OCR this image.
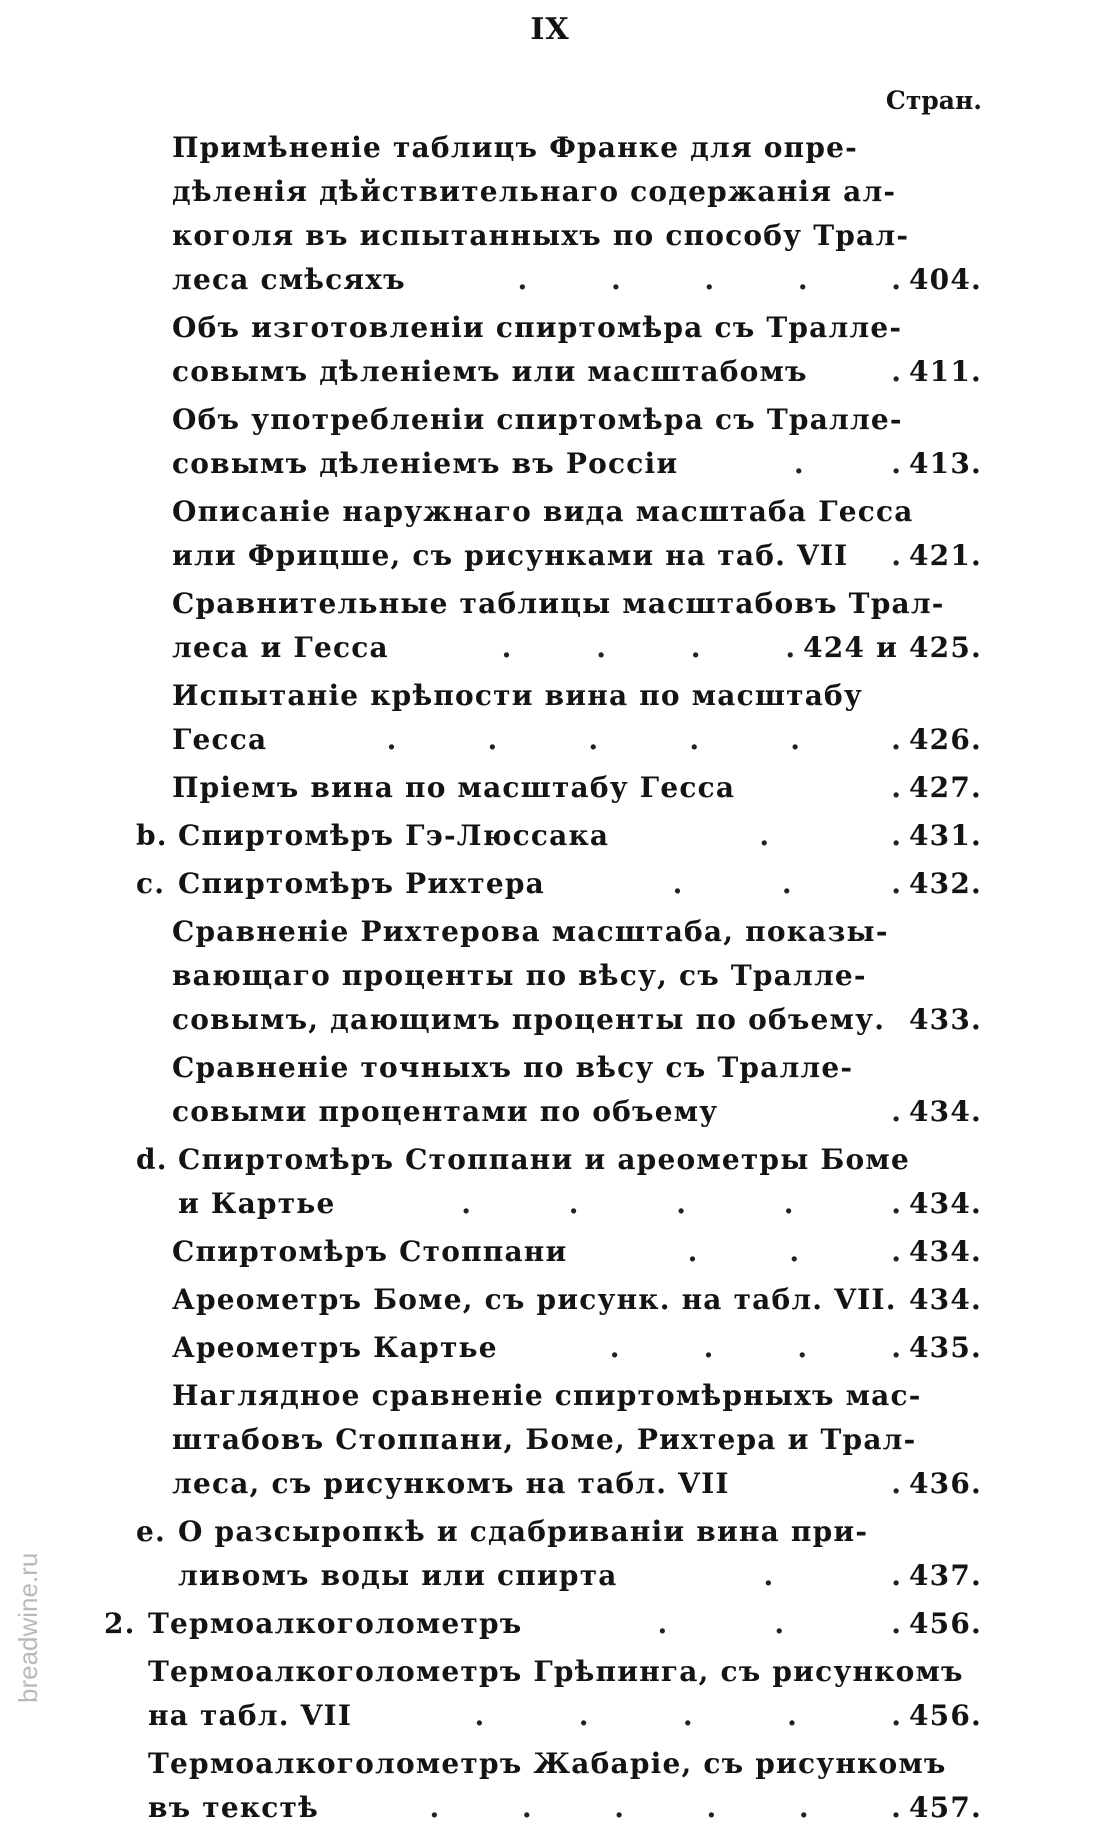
IX
Стран.
Примѣненіе таблицъ Франке для опре-
дѣленія дѣйствительнаго содержанія ал-
коголя въ испытанныхъ по способу Трал-
леса смѣсяхъ	404.
.	.	.	.	.
Объ изготовленіи спиртомѣра съ Тралле-
совымъ дѣленіемъ или масштабомъ	411.
.
Объ употребленіи спиртомѣра съ Тралле-
совымъ дѣленіемъ въ Россіи	413.
.	.
Описаніе наружнаго вида масштаба Гесса
или Фрицше, съ рисунками на таб. VII 421.
.
Сравнительные таблицы масштабовъ Трал-
леса и Гесса	424 и 425.
.	.	.	.
Испытаніе крѣпости вина по масштабу
Гесса	426.
.	.	.	.	.	.
Пріемъ вина по масштабу Гесса	427.
.
b. Спиртомѣръ Гэ-Люссака	431.
.	.
c. Спиртомѣръ Рихтера	432.
.	.	.
Сравненіе Рихтерова масштаба, показы-
вающаго проценты по вѣсу, съ Тралле-
совымъ, дающимъ проценты по объему. 433.
Сравненіе точныхъ по вѣсу съ Тралле-
совыми процентами по объему	434.
.
d. Спиртомѣръ Стоппани и ареометры Боме
и Картье	434.
.	.	.	.	.
Спиртомѣръ Стоппани	434.
.	.	.
Ареометръ Боме, съ рисунк. на табл. VII. 434.
Ареометръ Картье	435.
.	.	.	.
Наглядное сравненіе спиртомѣрныхъ мас-
штабовъ Стоппани, Боме, Рихтера и Трал-
леса, съ рисункомъ на табл. VII	436.
.
e. О разсыропкѣ и сдабриваніи вина при-
ливомъ воды или спирта	437.
.	.
2. Термоалкоголометръ	456.
.	.	.
Термоалкоголометръ Грѣпинга, съ рисункомъ
на табл. VII	456.
.	.	.	.	.
Термоалкоголометръ Жабаріе, съ рисункомъ
въ текстѣ	457.
.	.	.	.	.	.
breadwine.ru
